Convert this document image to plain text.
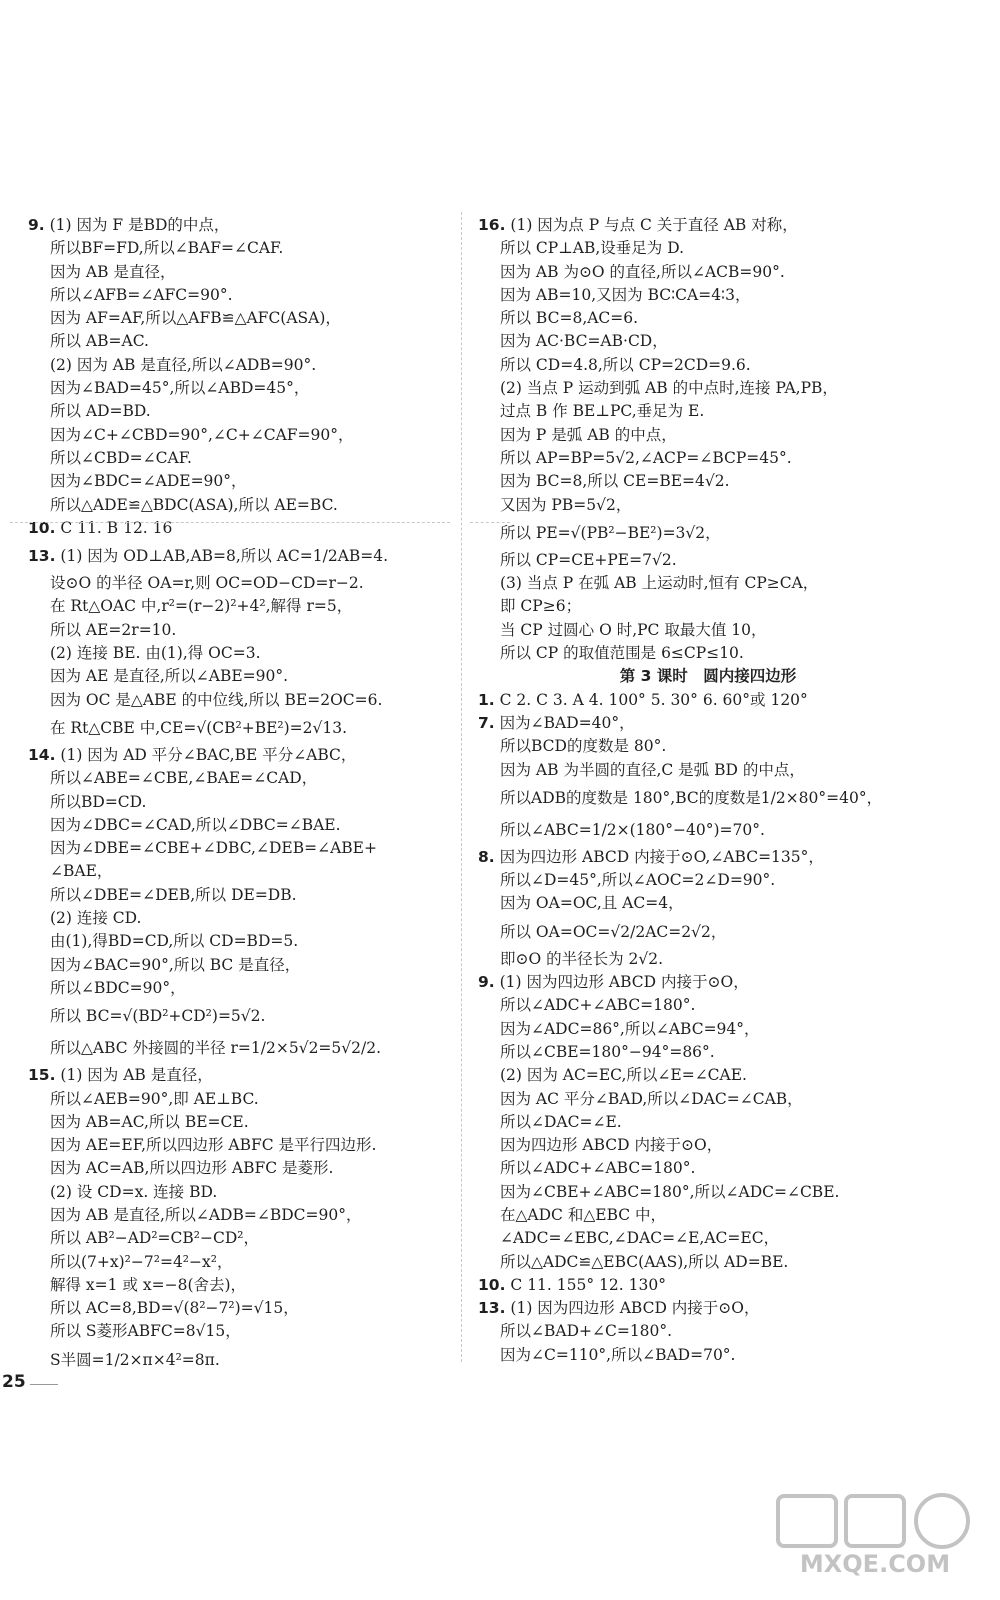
9. (1) 因为 F 是BD的中点，
所以BF=FD,所以∠BAF=∠CAF.
因为 AB 是直径，
所以∠AFB=∠AFC=90°.
因为 AF=AF,所以△AFB≌△AFC(ASA)，
所以 AB=AC.
(2) 因为 AB 是直径,所以∠ADB=90°.
因为∠BAD=45°,所以∠ABD=45°，
所以 AD=BD.
因为∠C+∠CBD=90°,∠C+∠CAF=90°，
所以∠CBD=∠CAF.
因为∠BDC=∠ADE=90°，
所以△ADE≌△BDC(ASA),所以 AE=BC.
10. C 11. B 12. 16
13. (1) 因为 OD⊥AB,AB=8,所以 AC=1/2AB=4.
设⊙O 的半径 OA=r,则 OC=OD−CD=r−2.
在 Rt△OAC 中,r²=(r−2)²+4²,解得 r=5，
所以 AE=2r=10.
(2) 连接 BE. 由(1),得 OC=3.
因为 AE 是直径,所以∠ABE=90°.
因为 OC 是△ABE 的中位线,所以 BE=2OC=6.
在 Rt△CBE 中,CE=√(CB²+BE²)=2√13.
14. (1) 因为 AD 平分∠BAC,BE 平分∠ABC，
所以∠ABE=∠CBE,∠BAE=∠CAD，
所以BD=CD.
因为∠DBC=∠CAD,所以∠DBC=∠BAE.
因为∠DBE=∠CBE+∠DBC,∠DEB=∠ABE+
∠BAE，
所以∠DBE=∠DEB,所以 DE=DB.
(2) 连接 CD.
由(1),得BD=CD,所以 CD=BD=5.
因为∠BAC=90°,所以 BC 是直径，
所以∠BDC=90°，
所以 BC=√(BD²+CD²)=5√2.
所以△ABC 外接圆的半径 r=1/2×5√2=5√2/2.
15. (1) 因为 AB 是直径，
所以∠AEB=90°,即 AE⊥BC.
因为 AB=AC,所以 BE=CE.
因为 AE=EF,所以四边形 ABFC 是平行四边形.
因为 AC=AB,所以四边形 ABFC 是菱形.
(2) 设 CD=x. 连接 BD.
因为 AB 是直径,所以∠ADB=∠BDC=90°，
所以 AB²−AD²=CB²−CD²，
所以(7+x)²−7²=4²−x²，
解得 x=1 或 x=−8(舍去)，
所以 AC=8,BD=√(8²−7²)=√15，
所以 S菱形ABFC=8√15，
S半圆=1/2×π×4²=8π.
16. (1) 因为点 P 与点 C 关于直径 AB 对称，
所以 CP⊥AB,设垂足为 D.
因为 AB 为⊙O 的直径,所以∠ACB=90°.
因为 AB=10,又因为 BC∶CA=4∶3，
所以 BC=8,AC=6.
因为 AC·BC=AB·CD，
所以 CD=4.8,所以 CP=2CD=9.6.
(2) 当点 P 运动到弧 AB 的中点时,连接 PA,PB，
过点 B 作 BE⊥PC,垂足为 E.
因为 P 是弧 AB 的中点，
所以 AP=BP=5√2,∠ACP=∠BCP=45°.
因为 BC=8,所以 CE=BE=4√2.
又因为 PB=5√2，
所以 PE=√(PB²−BE²)=3√2，
所以 CP=CE+PE=7√2.
(3) 当点 P 在弧 AB 上运动时,恒有 CP≥CA，
即 CP≥6；
当 CP 过圆心 O 时,PC 取最大值 10，
所以 CP 的取值范围是 6≤CP≤10.
第 3 课时　圆内接四边形
1. C 2. C 3. A 4. 100° 5. 30° 6. 60°或 120°
7. 因为∠BAD=40°，
所以BCD的度数是 80°.
因为 AB 为半圆的直径,C 是弧 BD 的中点，
所以ADB的度数是 180°,BC的度数是1/2×80°=40°，
所以∠ABC=1/2×(180°−40°)=70°.
8. 因为四边形 ABCD 内接于⊙O,∠ABC=135°，
所以∠D=45°,所以∠AOC=2∠D=90°.
因为 OA=OC,且 AC=4，
所以 OA=OC=√2/2AC=2√2，
即⊙O 的半径长为 2√2.
9. (1) 因为四边形 ABCD 内接于⊙O，
所以∠ADC+∠ABC=180°.
因为∠ADC=86°,所以∠ABC=94°，
所以∠CBE=180°−94°=86°.
(2) 因为 AC=EC,所以∠E=∠CAE.
因为 AC 平分∠BAD,所以∠DAC=∠CAB，
所以∠DAC=∠E.
因为四边形 ABCD 内接于⊙O，
所以∠ADC+∠ABC=180°.
因为∠CBE+∠ABC=180°,所以∠ADC=∠CBE.
在△ADC 和△EBC 中，
∠ADC=∠EBC,∠DAC=∠E,AC=EC，
所以△ADC≌△EBC(AAS),所以 AD=BE.
10. C 11. 155° 12. 130°
13. (1) 因为四边形 ABCD 内接于⊙O，
所以∠BAD+∠C=180°.
因为∠C=110°,所以∠BAD=70°.
25
MXQE.COM
